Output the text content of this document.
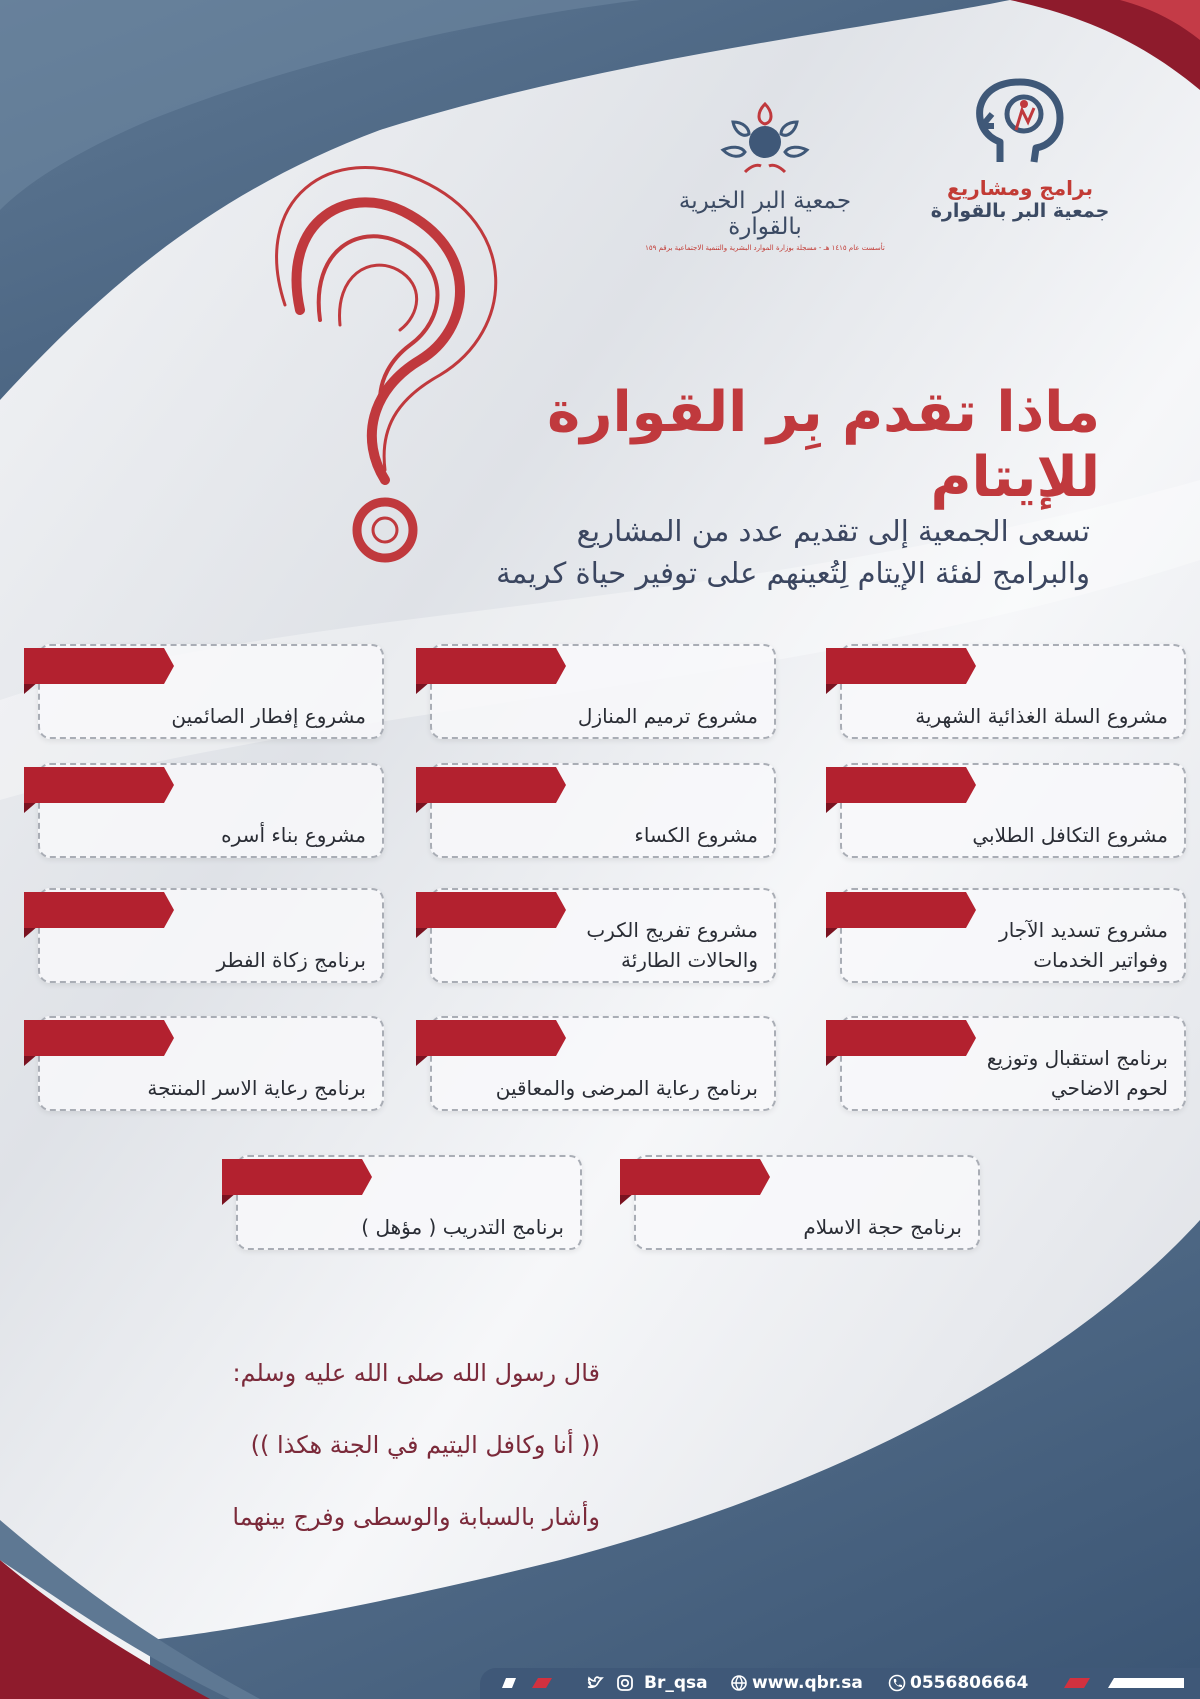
جمعية البر الخيرية بالقوارة
تأسست عام ١٤١٥ هـ - مسجلة بوزارة الموارد البشرية والتنمية الاجتماعية برقم ١٥٩
برامج ومشاريع
جمعية البر بالقوارة
ماذا تقدم بِر القوارة للإيتام
تسعى الجمعية إلى تقديم عدد من المشاريع
والبرامج لفئة الإيتام لِتُعينهم على توفير حياة كريمة
مشروع السلة الغذائية الشهرية
مشروع ترميم المنازل
مشروع إفطار الصائمين
مشروع التكافل الطلابي
مشروع الكساء
مشروع بناء أسره
مشروع تسديد الآجار
وفواتير الخدمات
مشروع تفريج الكرب
والحالات الطارئة
برنامج زكاة الفطر
برنامج استقبال وتوزيع
لحوم الاضاحي
برنامج رعاية المرضى والمعاقين
برنامج رعاية الاسر المنتجة
برنامج حجة الاسلام
برنامج التدريب ( مؤهل )
قال رسول الله صلى الله عليه وسلم:
(( أنا وكافل اليتيم في الجنة هكذا ))
وأشار بالسبابة والوسطى وفرج بينهما
Br_qsa	www.qbr.sa	0556806664
